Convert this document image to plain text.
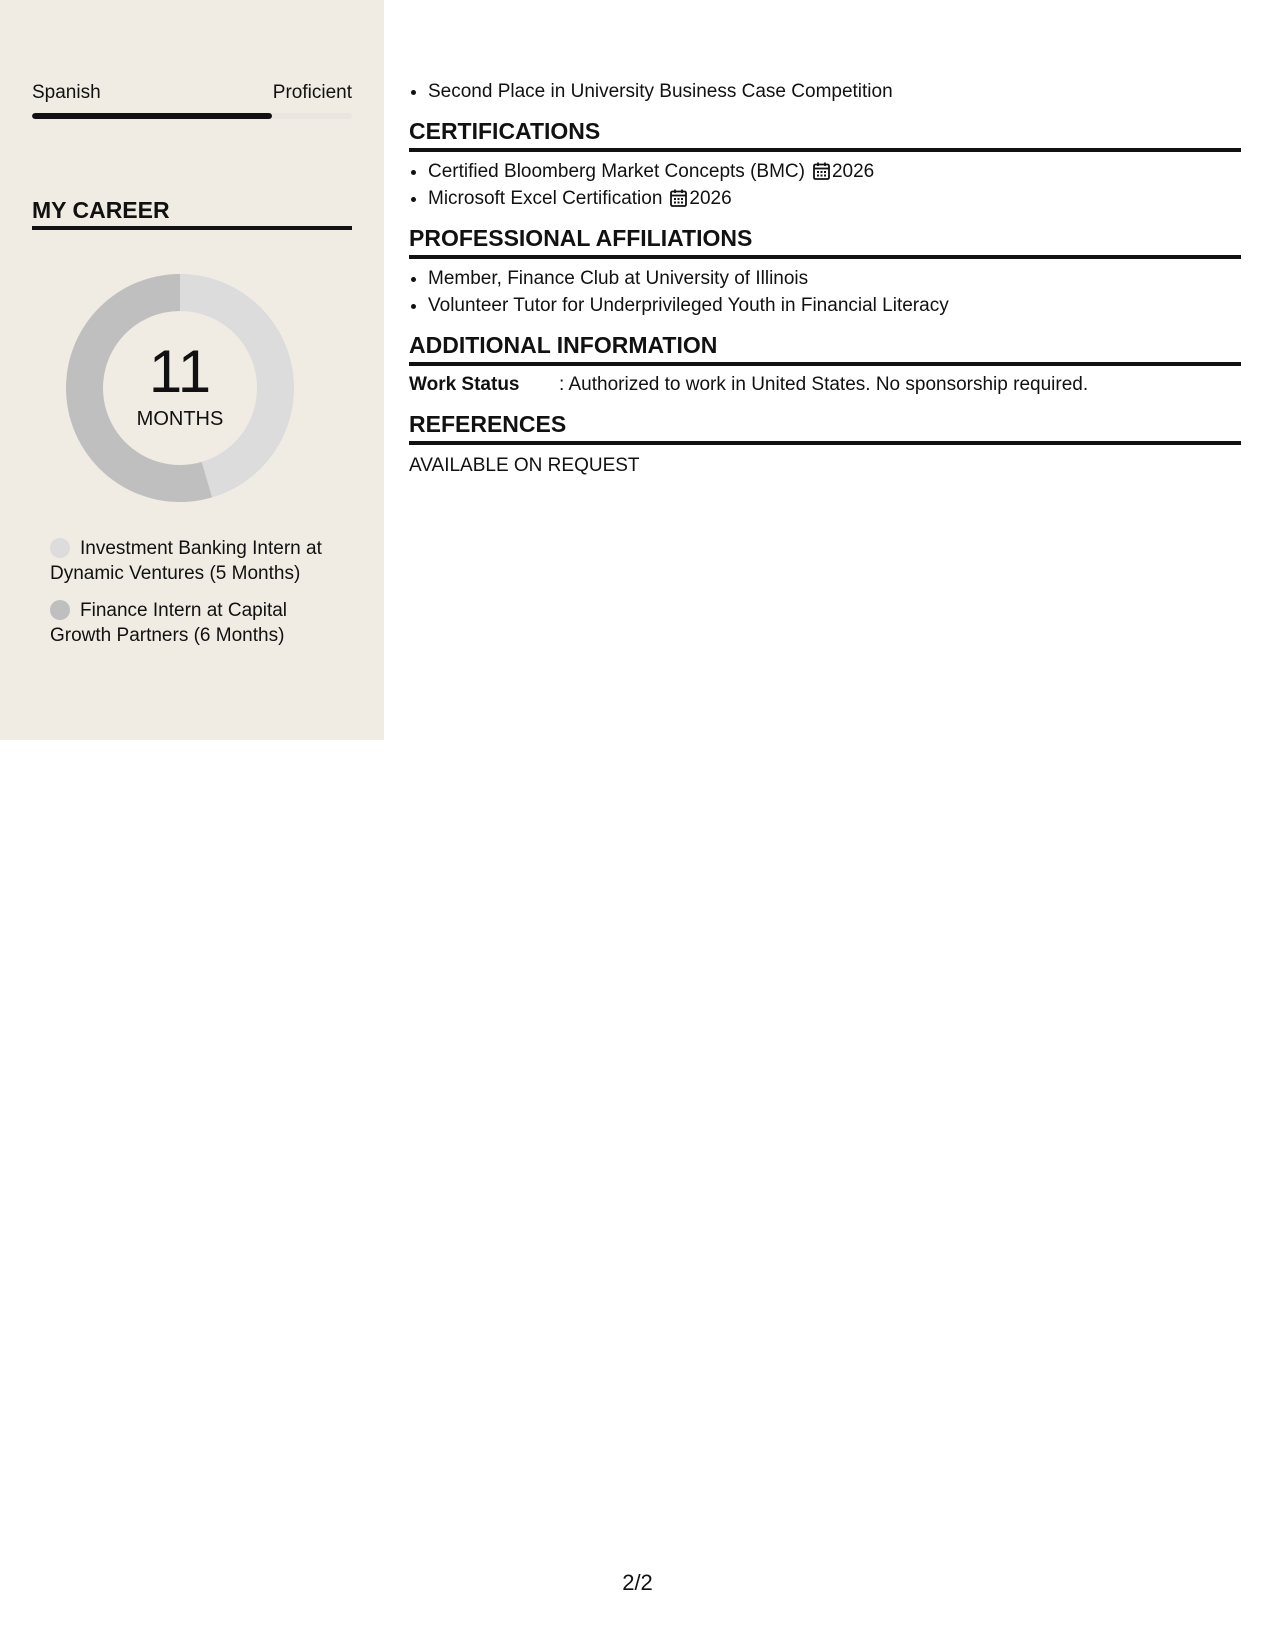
Spanish	Proficient
MY CAREER
11
MONTHS
Investment Banking Intern at Dynamic Ventures (5 Months)
Finance Intern at Capital Growth Partners (6 Months)
• Second Place in University Business Case Competition
CERTIFICATIONS
• Certified Bloomberg Market Concepts (BMC) 2026
• Microsoft Excel Certification 2026
PROFESSIONAL AFFILIATIONS
• Member, Finance Club at University of Illinois
• Volunteer Tutor for Underprivileged Youth in Financial Literacy
ADDITIONAL INFORMATION
Work Status	: Authorized to work in United States. No sponsorship required.
REFERENCES
AVAILABLE ON REQUEST
2/2
